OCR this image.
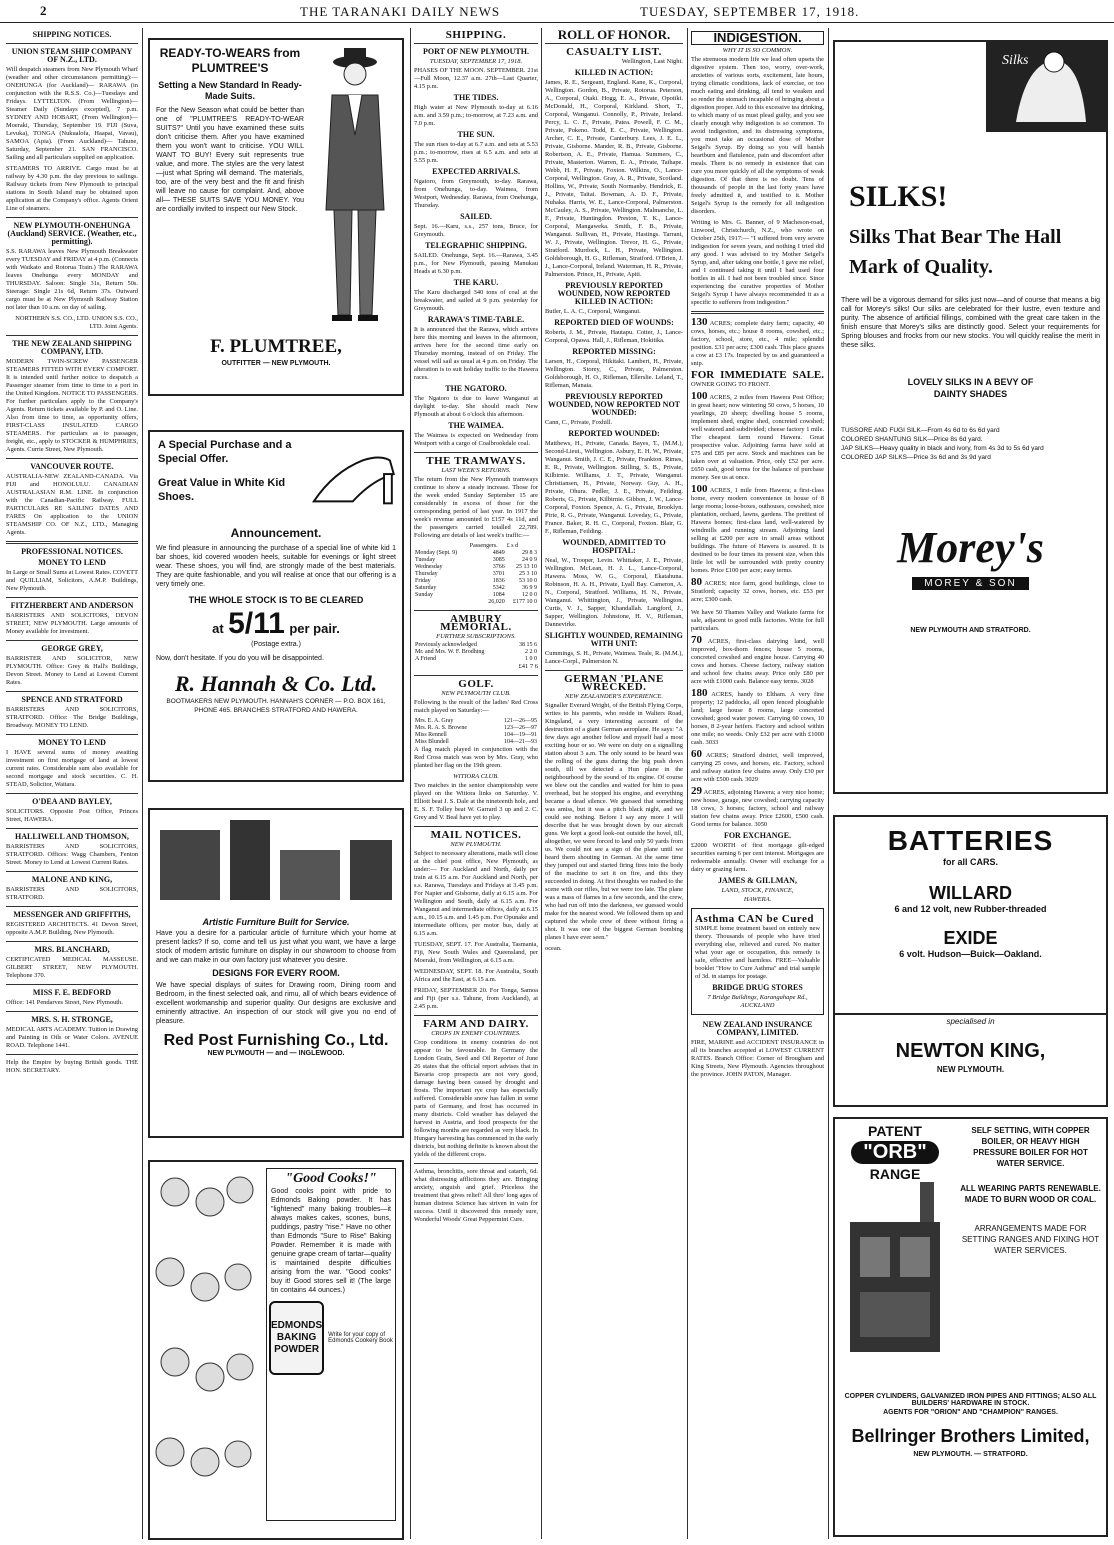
2	THE TARANAKI DAILY NEWS	TUESDAY, SEPTEMBER 17, 1918.
SHIPPING NOTICES.
UNION STEAM SHIP COMPANY OF N.Z., LTD.

Will despatch steamers from New Plymouth Wharf (weather and other circumstances permitting):— ONEHUNGA (for Auckland)— RARAWA (in conjunction with the R.S.S. Co.)—Tuesdays and Fridays. LYTTELTON. (From Wellington)— Steamer Daily (Sundays excepted), 7 p.m. SYDNEY AND HOBART, (From Wellington)— Moeraki, Thursday, September 19. FIJI (Suva, Levuka), TONGA (Nukualofa, Haapai, Vavau), SAMOA (Apia). (From Auckland)— Tahune, Saturday, September 21. SAN FRANCISCO. Sailing and all particulars supplied on application.

STEAMERS TO ARRIVE. Cargo must be at railway by 4.30 p.m. the day previous to sailings. Railway tickets from New Plymouth to principal stations in South Island may be obtained upon application at the Company's office. Agents Orient Line of steamers.

NEW PLYMOUTH-ONEHUNGA (Auckland) SERVICE. (Weather, etc., permitting).

S.S. RARAWA leaves New Plymouth Breakwater every TUESDAY and FRIDAY at 4 p.m. (Connects with Waikato and Rotorua Train.) The RARAWA leaves Onehunga every MONDAY and THURSDAY. Saloon: Single 31s, Return 50s. Steerage: Single 21s 6d, Return 37s. Outward cargo must be at New Plymouth Railway Station not later than 10 a.m. on day of sailing.

NORTHERN S.S. CO., LTD. UNION S.S. CO., LTD. Joint Agents.

THE NEW ZEALAND SHIPPING COMPANY, LTD.

MODERN TWIN-SCREW PASSENGER STEAMERS FITTED WITH EVERY COMFORT. It is intended until further notice to despatch a Passenger steamer from time to time to a port in the United Kingdom. NOTICE TO PASSENGERS. For further particulars apply to the Company's Agents. Return tickets available by P. and O. Line. Also from time to time, as opportunity offers, FIRST-CLASS INSULATED CARGO STEAMERS. For particulars as to passages, freight, etc., apply to STOCKER & HUMPHRIES, Agents. Currie Street, New Plymouth.

VANCOUVER ROUTE.

AUSTRALIA-NEW ZEALAND-CANADA. Via FIJI and HONOLULU. CANADIAN AUSTRALASIAN R.M. LINE. In conjunction with the Canadian-Pacific Railway. FULL PARTICULARS RE SAILING DATES AND FARES On application to the UNION STEAMSHIP CO. OF N.Z., LTD., Managing Agents.

PROFESSIONAL NOTICES.
MONEY TO LEND

In Large or Small Sums at Lowest Rates. COVETT and QUILLIAM, Solicitors, A.M.P. Buildings, New Plymouth.

FITZHERBERT AND ANDERSON

BARRISTERS AND SOLICITORS, DEVON STREET, NEW PLYMOUTH. Large amounts of Money available for investment.

GEORGE GREY,

BARRISTER AND SOLICITOR, NEW PLYMOUTH. Office: Grey & Hall's Buildings, Devon Street. Money to Lend at Lowest Current Rates.

SPENCE AND STRATFORD

BARRISTERS AND SOLICITORS, STRATFORD. Office: The Bridge Buildings, Broadway. MONEY TO LEND.

MONEY TO LEND

I HAVE several sums of money awaiting investment on first mortgage of land at lowest current rates. Considerable sum also available for second mortgage and stock securities. C. H. STEAD, Solicitor, Waitara.

O'DEA AND BAYLEY,

SOLICITORS. Opposite Post Office, Princes Street, HAWERA.

HALLIWELL AND THOMSON,

BARRISTERS AND SOLICITORS, STRATFORD. Offices: Wagg Chambers, Fenton Street. Money to Lend at Lowest Current Rates.

MALONE AND KING,

BARRISTERS AND SOLICITORS, STRATFORD.

MESSENGER AND GRIFFITHS,

REGISTERED ARCHITECTS. 41 Devon Street, opposite A.M.P. Building, New Plymouth.

MRS. BLANCHARD,

CERTIFICATED MEDICAL MASSEUSE. GILBERT STREET, NEW PLYMOUTH. Telephone 370.

MISS F. E. BEDFORD

Office: 141 Pendarves Street, New Plymouth.

MRS. S. H. STRONGE,

MEDICAL ARTS ACADEMY. Tuition in Drawing and Painting in Oils or Water Colors. AVENUE ROAD. Telephone 1441.

Help the Empire by buying British goods. THE HON. SECRETARY.

READY-TO-WEARS from PLUMTREE'S
Setting a New Standard In Ready-Made Suits.
For the New Season what could be better than one of "PLUMTREE'S READY-TO-WEAR SUITS?" Until you have examined these suits don't criticise them. After you have examined them you won't want to criticise. YOU WILL WANT TO BUY! Every suit represents true value, and more. The styles are the very latest—just what Spring will demand. The materials, too, are of the very best and the fit and finish will leave no cause for complaint. And, above all— THESE SUITS SAVE YOU MONEY. You are cordially invited to inspect our New Stock.
F. PLUMTREE,
OUTFITTER — NEW PLYMOUTH.
A Special Purchase and a Special Offer.
Great Value in White Kid Shoes.
Announcement.
We find pleasure in announcing the purchase of a special line of white kid 1 bar shoes, kid covered wooden heels, suitable for evenings or light street wear. These shoes, you will find, are strongly made of the best materials. They are quite fashionable, and you will realise at once that our offering is a very timely one.
THE WHOLE STOCK IS TO BE CLEARED
at 5/11 per pair.
(Postage extra.)
Now, don't hesitate. If you do you will be disappointed.
R. Hannah & Co. Ltd.
BOOTMAKERS NEW PLYMOUTH. HANNAH'S CORNER — P.O. BOX 161, PHONE 465. BRANCHES STRATFORD AND HAWERA.
Artistic Furniture Built for Service.
Have you a desire for a particular article of furniture which your home at present lacks? If so, come and tell us just what you want, we have a large stock of modern artistic furniture on display in our showroom to choose from and we can make in our own factory just whatever you desire.
DESIGNS FOR EVERY ROOM.
We have special displays of suites for Drawing room, Dining room and Bedroom, in the finest selected oak, and rimu, all of which bears evidence of excellent workmanship and superior quality. Our designs are exclusive and eminently attractive. An inspection of our stock will give you no end of pleasure.
Red Post Furnishing Co., Ltd.
NEW PLYMOUTH — and — INGLEWOOD.
"Good Cooks!"
Good cooks point with pride to Edmonds Baking powder. It has "lightened" many baking troubles—it always makes cakes, scones, buns, puddings, pastry "rise." Have no other than Edmonds "Sure to Rise" Baking Powder. Remember it is made with genuine grape cream of tartar—quality is maintained despite difficulties arising from the war. "Good cooks" buy it! Good stores sell it! (The large tin contains 44 ounces.)
EDMONDS BAKING POWDER
Write for your copy of Edmonds Cookery Book
SHIPPING.
PORT OF NEW PLYMOUTH.
TUESDAY, SEPTEMBER 17, 1918.

PHASES OF THE MOON. SEPTEMBER. 21st—Full Moon, 12.37 a.m. 27th—Last Quarter, 4.15 p.m.

THE TIDES.

High water at New Plymouth to-day at 6.16 a.m. and 3.59 p.m.; to-morrow, at 7.23 a.m. and 7.0 p.m.

THE SUN.

The sun rises to-day at 6.7 a.m. and sets at 5.53 p.m.; to-morrow, rises at 6.5 a.m. and sets at 5.55 p.m.

EXPECTED ARRIVALS.

Ngatoro, from Greymouth, to-day. Rarawa, from Onehunga, to-day. Waimea, from Westport, Wednesday. Rarawa, from Onehunga, Thursday.

SAILED.

Sept. 16.—Karu, s.s., 257 tons, Bruce, for Greymouth.

TELEGRAPHIC SHIPPING.

SAILED. Onehunga, Sept. 16.—Rarawa, 3.45 p.m., for New Plymouth, passing Manukau Heads at 6.30 p.m.

THE KARU.

The Karu discharged 340 tons of coal at the breakwater, and sailed at 9 p.m. yesterday for Greymouth.

RARAWA'S TIME-TABLE.

It is announced that the Rarawa, which arrives here this morning and leaves in the afternoon, arrives here for the second time early on Thursday morning, instead of on Friday. The vessel will sail as usual at 4 p.m. on Friday. The alteration is to suit holiday traffic to the Hawera races.

THE NGATORO.

The Ngatoro is due to leave Wanganui at daylight to-day. She should reach New Plymouth at about 6 o'clock this afternoon.

THE WAIMEA.

The Waimea is expected on Wednesday from Westport with a cargo of Coalbrookdale coal.

THE TRAMWAYS.
LAST WEEK'S RETURNS.

The return from the New Plymouth tramways continue to show a steady increase. Those for the week ended Sunday September 15 are considerably in excess of those for the corresponding period of last year. In 1917 the week's revenue amounted to £157 4s 11d, and the passengers carried totalled 22,789. Following are details of last week's traffic:—

	Passengers.	£ s d
Monday (Sept. 9)	4849	29 8 3
Tuesday	3085	24 0 9
Wednesday	3766	25 13 10
Thursday	3701	25 3 10
Friday	1836	53 10 0
Saturday	5342	36 9 9
Sunday	1084	12 0 0
	26,020	£177 10 0
AMBURY MEMORIAL.
FURTHER SUBSCRIPTIONS.
Previously acknowledged	38 15 6
Mr. and Mrs. W. F. Brodhing	2 2 0
A Friend	1 0 0
£41 7 6
GOLF.
NEW PLYMOUTH CLUB.

Following is the result of the ladies' Red Cross match played on Saturday:—

Mrs. E. A. Gray	121—26—95
Mrs. R. A. S. Browne	123—26—97
Miss Rennell	104—19—91
Miss Blundell	104—21—93

A flag match played in conjunction with the Red Cross match was won by Mrs. Gray, who planted her flag on the 19th green.

WITIORA CLUB.

Two matches in the senior championship were played on the Witiora links on Saturday. V. Elliott beat J. S. Dale at the nineteenth hole, and E. S. F. Tolley beat W. Garrard 3 up and 2. C. Grey and V. Beal have yet to play.

MAIL NOTICES.
NEW PLYMOUTH.

Subject to necessary alterations, mails will close at the chief post office, New Plymouth, as under:— For Auckland and North, daily per train at 6.15 a.m. For Auckland and North, per s.s. Rarawa, Tuesdays and Fridays at 3.45 p.m. For Napier and Gisborne, daily at 6.15 a.m. For Wellington and South, daily at 6.15 a.m. For Wanganui and intermediate offices, daily at 6.15 a.m., 10.15 a.m. and 1.45 p.m. For Opunake and intermediate offices, per motor bus, daily at 6.15 a.m.

TUESDAY, SEPT. 17. For Australia, Tasmania, Fiji, New South Wales and Queensland, per Moeraki, from Wellington, at 6.15 a.m.

WEDNESDAY, SEPT. 18. For Australia, South Africa and the East, at 6.15 a.m.

FRIDAY, SEPTEMBER 20. For Tonga, Samoa and Fiji (per s.s. Tahune, from Auckland), at 2.45 p.m.

FARM AND DAIRY.
CROPS IN ENEMY COUNTRIES.

Crop conditions in enemy countries do not appear to be favourable. In Germany the London Grain, Seed and Oil Reporter of June 26 states that the official report advises that in Bavaria crop prospects are not very good, damage having been caused by drought and frosts. The important rye crop has especially suffered. Considerable snow has fallen in some parts of Germany, and frost has occurred in many districts. Cold weather has delayed the harvest in Austria, and food prospects for the following months are regarded as very black. In Hungary harvesting has commenced in the early districts, but nothing definite is known about the yields of the different crops.

Asthma, bronchitis, sore throat and catarrh, 6d. what distressing afflictions they are. Bringing anxiety, anguish and grief. Priceless the treatment that gives relief! All thro' long ages of human distress Science has striven in vain for success. Until it discovered this remedy sure, Wonderful Woods' Great Peppermint Cure.

ROLL OF HONOR.
CASUALTY LIST.
Wellington, Last Night.
KILLED IN ACTION:

James, R. E., Sergeant, England. Kane, K., Corporal, Wellington. Gordon, B., Private, Rotorua. Peterson, A., Corporal, Otaki. Hogg, E. A., Private, Opotiki. McDonald, H., Corporal, Kirkland. Short, T., Corporal, Wanganui. Connolly, P., Private, Ireland. Percy, L. C. F., Private, Patea. Powell, F. C. M., Private, Pokeno. Todd, E. C., Private, Wellington. Archer, C. E., Private, Canterbury. Lees, J. E. L., Private, Gisborne. Mander, R. B., Private, Gisborne. Robertson, A. E., Private, Hamua. Summers, C., Private, Masterton. Warren, E. A., Private, Taihape. Webb, H. F., Private, Foxton. Wilkins, O., Lance-Corporal, Wellington. Gray, A. R., Private, Scotland. Hollins, W., Private, South Normanby. Hendrick, E. J., Private, Taitai. Bowman, A. D. F., Private, Nuhaka. Harris, W. E., Lance-Corporal, Palmerston. McCauley, A. S., Private, Wellington. Malmanche, L. F., Private, Huntingdon. Preston, T. K., Lance-Corporal, Mangaweka. Smith, F. B., Private, Wanganui. Sullivan, H., Private, Hastings. Tarrant, W. J., Private, Wellington. Trevor, H. G., Private, Stratford. Murdock, L. H., Private, Wellington. Goldsborough, H. G., Rifleman, Stratford. O'Brien, J. J., Lance-Corporal, Ireland. Waterman, H. R., Private, Palmerston. Prince, H., Private, Apiti.

PREVIOUSLY REPORTED WOUNDED, NOW REPORTED KILLED IN ACTION:

Butler, L. A. C., Corporal, Wanganui.

REPORTED DIED OF WOUNDS:

Roberts, J. M., Private, Hautapu. Cotter, J., Lance-Corporal, Opawa. Hall, J., Rifleman, Hokitika.

REPORTED MISSING:

Larsen, H., Corporal, Hikitaki. Lambert, H., Private, Wellington. Storey, C., Private, Palmerston. Goldsborough, H. O., Rifleman, Ellerslie. Leland, T., Rifleman, Manaia.

PREVIOUSLY REPORTED WOUNDED, NOW REPORTED NOT WOUNDED:

Cann, C., Private, Foxhill.

REPORTED WOUNDED:

Matthews, H., Private, Canada. Bayes, T., (M.M.), Second-Lieut., Wellington. Asbury, E. H. W., Private, Wanganui. Smith, J. C. E., Private, Frankton. Rimes, E. R., Private, Wellington. Stilling, S. B., Private, Kilbirnie. Williams, J. T., Private, Wanganui. Christiansen, H., Private, Norway. Guy, A. H., Private, Ohura. Pedler, J. E., Private, Feilding. Roberts, G., Private, Kilbirnie. Gibbon, J. W., Lance-Corporal, Foxton. Spence, A. G., Private, Brooklyn. Pirie, R. G., Private, Wanganui. Loveday, G., Private, France. Baker, R. H. C., Corporal, Foxton. Blair, G. F., Rifleman, Feilding.

WOUNDED, ADMITTED TO HOSPITAL:

Neal, W., Trooper, Levin. Whittaker, J. E., Private, Wellington. McLean, H. J. L., Lance-Corporal, Hawera. Moss, W. G., Corporal, Ekatahuna. Robinson, H. A. H., Private, Lyall Bay. Cameron, A. N., Corporal, Stratford. Williams, H. N., Private, Wanganui. Whittington, J., Private, Wellington. Curtis, V. J., Sapper, Khandallah. Langford, J., Sapper, Wellington. Johnstone, H. V., Rifleman, Dannevirke.

SLIGHTLY WOUNDED, REMAINING WITH UNIT:

Cummings, S. H., Private, Waimea. Teale, R. (M.M.), Lance-Corpl., Palmerston N.

GERMAN 'PLANE WRECKED.
NEW ZEALANDER'S EXPERIENCE.

Signaller Everard Wright, of the British Flying Corps, writes to his parents, who reside in Walters Road, Kingsland, a very interesting account of the destruction of a giant German aeroplane. He says: "A few days ago another fellow and myself had a most exciting hour or so. We were on duty on a signalling station about 3 a.m. The only sound to be heard was the rolling of the guns during the big push down south, till we detected a Hun plane in the neighbourhood by the sound of its engine. Of course we blew out the candles and waited for him to pass overhead, but he stopped his engine, and everything became a dead silence. We guessed that something was amiss, but it was a pitch black night, and we could see nothing. Before I say any more I will describe that he was brought down by our aircraft guns. We kept a good look-out outside the hovel, till, altogether, we were forced to land only 50 yards from us. We could not see a sign of the plane until we heard them shouting in German. At the same time they jumped out and started firing fires into the body of the machine to set it on fire, and this they succeeded in doing. At first thoughts we rushed to the scene with our rifles, but we were too late. The plane was a mass of flames in a few seconds, and the crew, who had run off into the darkness, we guessed would make for the nearest wood. We followed them up and captured the whole crew of three without firing a shot. It was one of the biggest German bombing planes I have ever seen."

ocean.

INDIGESTION.
WHY IT IS SO COMMON.

The strenuous modern life we lead often upsets the digestive system. Then too, worry, over-work, anxieties of various sorts, excitement, late hours, trying climatic conditions, lack of exercise, or too much eating and drinking, all tend to weaken and so render the stomach incapable of bringing about a digestion proper. Add to this excessive tea drinking, to which many of us must plead guilty, and you see clearly enough why indigestion is so common. To avoid indigestion, and its distressing symptoms, you must take an occasional dose of Mother Seigel's Syrup. By doing so you will banish heartburn and flatulence, pain and discomfort after meals. There is no remedy in existence that can cure you more quickly of all the symptoms of weak digestion. Of that there is no doubt. Tens of thousands of people in the last forty years have freely admitted it, and testified to it. Mother Seigel's Syrup is the remedy for all indigestion disorders.

Writing to Mrs. G. Banner, of 9 Macheson-road, Linwood, Christchurch, N.Z., who wrote on October 25th, 1917:— "I suffered from very severe indigestion for seven years, and nothing I tried did any good. I was advised to try Mother Seigel's Syrup, and, after taking one bottle, I gave me relief, and I continued taking it until I had used four bottles in all. I had not been troubled since. Since experiencing the curative properties of Mother Seigel's Syrup I have always recommended it as a specific to sufferers from indigestion."

130 ACRES; complete dairy farm; capacity, 40 cows, horses, etc.; house 8 rooms, cowshed, etc.; factory, school, store, etc., 4 mile; splendid position. £31 per acre; £300 cash. This place grazes a cow at £3 17s. Inspected by us and guaranteed a snip.

FOR IMMEDIATE SALE. OWNER GOING TO FRONT.

100 ACRES, 2 miles from Hawera Post Office; in great heart; now wintering 50 cows, 5 horses, 10 yearlings, 20 sheep; dwelling house 5 rooms, implement shed, engine shed, concreted cowshed; well watered and subdivided; cheese factory 1 mile. The cheapest farm round Hawera. Great prospective value. Adjoining farms have sold at £75 and £85 per acre. Stock and machines can be taken over at valuation. Price, only £52 per acre. £650 cash, good terms for the balance of purchase money. See us at once.

100 ACRES, 1 mile from Hawera; a first-class home, every modern convenience in house of 8 large rooms; loose-boxes, outhouses, cowshed; nice plantation, orchard, lawns, gardens. The prettiest of Hawera homes; first-class land, well-watered by windmills and running stream. Adjoining land selling at £200 per acre in small areas without buildings. The future of Hawera is assured. It is destined to be four times its present size, when this little lot will be surrounded with pretty country homes. Price £100 per acre; easy terms.

80 ACRES; nice farm, good buildings, close to Stratford; capacity 32 cows, horses, etc. £53 per acre; £300 cash.

We have 50 Thames Valley and Waikato farms for sale, adjacent to good milk factories. Write for full particulars.

70 ACRES, first-class dairying land, well improved, box-thorn fences; house 5 rooms, concreted cowshed and engine house. Carrying 40 cows and horses. Cheese factory, railway station and school few chains away. Price only £80 per acre with £1000 cash. Balance easy terms. 3028

180 ACRES, handy to Eltham. A very fine property; 12 paddocks, all open fenced ploughable land; large house 8 rooms, large concreted cowshed; good water power. Carrying 60 cows, 10 horses, 8 2-year heifers. Factory and school within one mile; no weeds. Only £32 per acre with £1000 cash. 3033

60 ACRES; Stratford district, well improved, carrying 25 cows, and horses, etc. Factory, school and railway station few chains away. Only £30 per acre with £500 cash. 3029

29 ACRES, adjoining Hawera; a very nice home; new house, garage, new cowshed; carrying capacity 18 cows, 3 horses; factory, school and railway station few chains away. Price £2600, £500 cash. Good terms for balance. 3050

FOR EXCHANGE.

£2000 WORTH of first mortgage gilt-edged securities earning 6 per cent interest. Mortgages are redeemable annually. Owner will exchange for a dairy or grazing farm.

JAMES & GILLMAN,
LAND, STOCK, FINANCE,
HAWERA.
Asthma CAN be Cured

SIMPLE home treatment based on entirely new theory. Thousands of people who have tried everything else, relieved and cured. No matter what your age or occupation, this remedy is safe, effective and harmless. FREE—Valuable booklet "How to Cure Asthma" and trial sample of 3d. in stamps for postage.

BRIDGE DRUG STORES
7 Bridge Buildings, Karangahape Rd., AUCKLAND
NEW ZEALAND INSURANCE COMPANY, LIMITED.

FIRE, MARINE and ACCIDENT INSURANCE in all its branches accepted at LOWEST CURRENT RATES. Branch Office: Corner of Brougham and King Streets, New Plymouth. Agencies throughout the province. JOHN PATON, Manager.

Silks
SILKS!
Silks That Bear The Hall Mark of Quality.
There will be a vigorous demand for silks just now—and of course that means a big call for Morey's silks! Our silks are celebrated for their lustre, even texture and purity. The absence of artificial fillings, combined with the great care taken in the finish ensure that Morey's silks are distinctly good. Select your requirements for Spring blouses and frocks from our new stocks. You will quickly realise the merit in these silks.
LOVELY SILKS IN A BEVY OF DAINTY SHADES
TUSSORE AND FUGI SILK—From 4s 6d to 6s 6d yard
COLORED SHANTUNG SILK—Price 8s 6d yard.
JAP SILKS—Heavy quality in black and ivory, from 4s 3d to 5s 6d yard
COLORED JAP SILKS—Price 3s 6d and 3s 9d yard
Morey's
MOREY & SON
NEW PLYMOUTH AND STRATFORD.
BATTERIES
for all CARS.
WILLARD
6 and 12 volt, new Rubber-threaded
EXIDE
6 volt. Hudson—Buick—Oakland.
specialised in
NEWTON KING,
NEW PLYMOUTH.
PATENT
"ORB"
RANGE
SELF SETTING, WITH COPPER BOILER, OR HEAVY HIGH PRESSURE BOILER FOR HOT WATER SERVICE.
ALL WEARING PARTS RENEWABLE. MADE TO BURN WOOD OR COAL.
ARRANGEMENTS MADE FOR SETTING RANGES AND FIXING HOT WATER SERVICES.
COPPER CYLINDERS, GALVANIZED IRON PIPES AND FITTINGS; ALSO ALL BUILDERS' HARDWARE IN STOCK.
AGENTS FOR "ORION" AND "CHAMPION" RANGES.
Bellringer Brothers Limited,
NEW PLYMOUTH. — STRATFORD.
